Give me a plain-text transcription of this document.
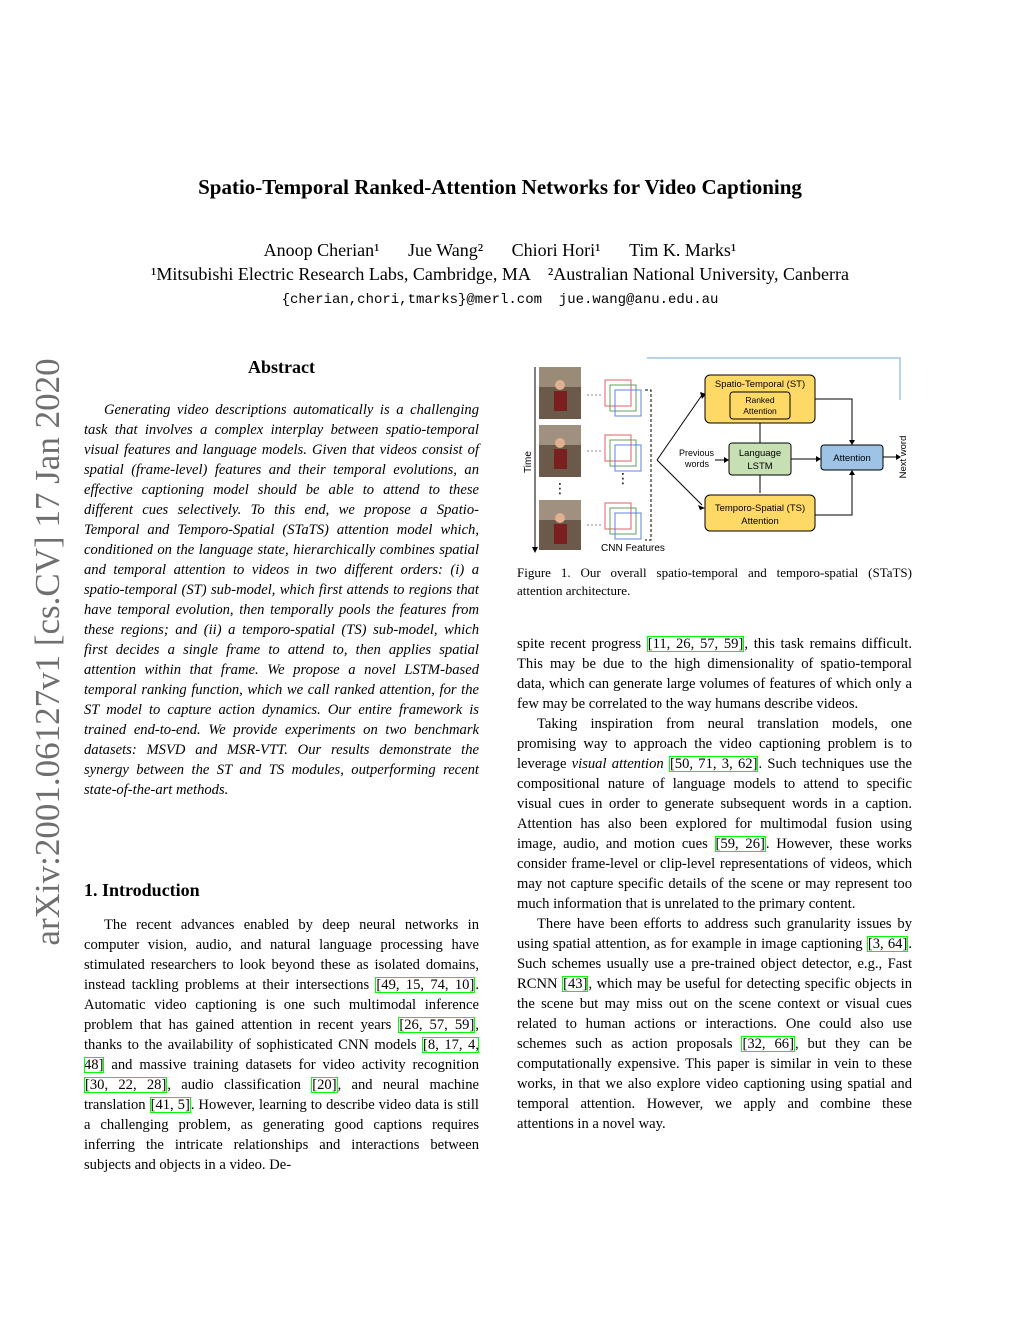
arXiv:2001.06127v1 [cs.CV] 17 Jan 2020
Spatio-Temporal Ranked-Attention Networks for Video Captioning
Anoop Cherian¹ Jue Wang² Chiori Hori¹ Tim K. Marks¹
¹Mitsubishi Electric Research Labs, Cambridge, MA    ²Australian National University, Canberra
{cherian,chori,tmarks}@merl.com  jue.wang@anu.edu.au
Abstract

Generating video descriptions automatically is a challenging task that involves a complex interplay between spatio-temporal visual features and language models. Given that videos consist of spatial (frame-level) features and their temporal evolutions, an effective captioning model should be able to attend to these different cues selectively. To this end, we propose a Spatio-Temporal and Temporo-Spatial (STaTS) attention model which, conditioned on the language state, hierarchically combines spatial and temporal attention to videos in two different orders: (i) a spatio-temporal (ST) sub-model, which first attends to regions that have temporal evolution, then temporally pools the features from these regions; and (ii) a temporo-spatial (TS) sub-model, which first decides a single frame to attend to, then applies spatial attention within that frame. We propose a novel LSTM-based temporal ranking function, which we call ranked attention, for the ST model to capture action dynamics. Our entire framework is trained end-to-end. We provide experiments on two benchmark datasets: MSVD and MSR-VTT. Our results demonstrate the synergy between the ST and TS modules, outperforming recent state-of-the-art methods.

1. Introduction

The recent advances enabled by deep neural networks in computer vision, audio, and natural language processing have stimulated researchers to look beyond these as isolated domains, instead tackling problems at their intersections [49, 15, 74, 10]. Automatic video captioning is one such multimodal inference problem that has gained attention in recent years [26, 57, 59], thanks to the availability of sophisticated CNN models [8, 17, 4, 48] and massive training datasets for video activity recognition [30, 22, 28], audio classification [20], and neural machine translation [41, 5]. However, learning to describe video data is still a challenging problem, as generating good captions requires inferring the intricate relationships and interactions between subjects and objects in a video. De-

⋮
Time
⋮
CNN Features
Spatio-Temporal (ST)
Ranked
Attention
Previous
words
Language
LSTM
Attention	Next word
Temporo-Spatial (TS)
Attention
Figure 1. Our overall spatio-temporal and temporo-spatial (STaTS) attention architecture.

spite recent progress [11, 26, 57, 59], this task remains difficult. This may be due to the high dimensionality of spatio-temporal data, which can generate large volumes of features of which only a few may be correlated to the way humans describe videos.

Taking inspiration from neural translation models, one promising way to approach the video captioning problem is to leverage visual attention [50, 71, 3, 62]. Such techniques use the compositional nature of language models to attend to specific visual cues in order to generate subsequent words in a caption. Attention has also been explored for multimodal fusion using image, audio, and motion cues [59, 26]. However, these works consider frame-level or clip-level representations of videos, which may not capture specific details of the scene or may represent too much information that is unrelated to the primary content.

There have been efforts to address such granularity issues by using spatial attention, as for example in image captioning [3, 64]. Such schemes usually use a pre-trained object detector, e.g., Fast RCNN [43], which may be useful for detecting specific objects in the scene but may miss out on the scene context or visual cues related to human actions or interactions. One could also use schemes such as action proposals [32, 66], but they can be computationally expensive. This paper is similar in vein to these works, in that we also explore video captioning using spatial and temporal attention. However, we apply and combine these attentions in a novel way.
